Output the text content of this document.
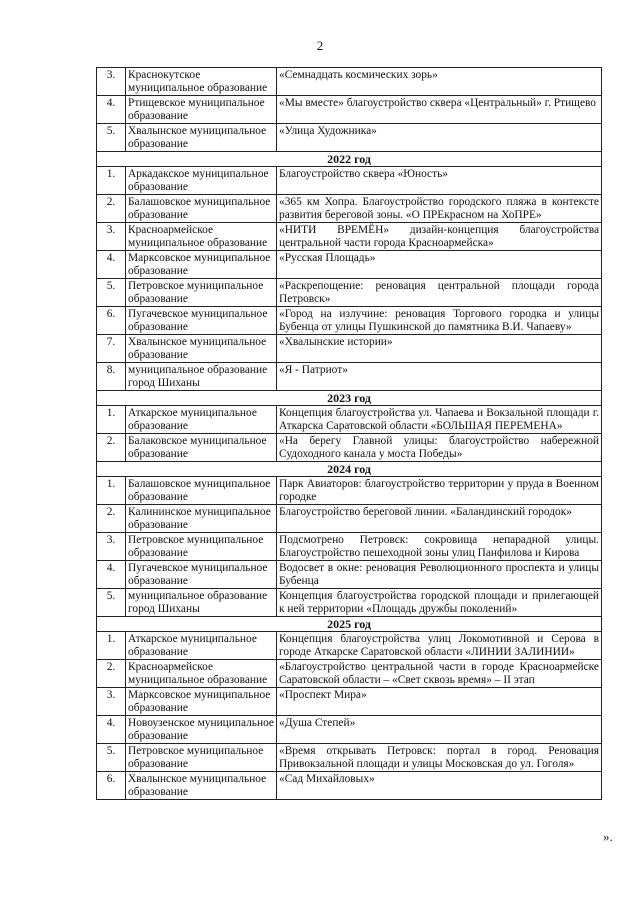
2
3.	Краснокутское муниципальное образование	«Семнадцать космических зорь»
4.	Ртищевское муниципальное образование	«Мы вместе» благоустройство сквера «Центральный» г. Ртищево
5.	Хвалынское муниципальное образование	«Улица Художника»
2022 год		
1.	Аркадакское муниципальное образование	Благоустройство сквера «Юность»
2.	Балашовское муниципальное образование	«365 км Хопра. Благоустройство городского пляжа в контексте развития береговой зоны. «О ПРЕкрасном на ХоПРЕ»
3.	Красноармейское муниципальное образование	«НИТИ ВРЕМЁН» дизайн-концепция благоустройства центральной части города Красноармейска»
4.	Марксовское муниципальное образование	«Русская Площадь»
5.	Петровское муниципальное образование	«Раскрепощение: реновация центральной площади города Петровск»
6.	Пугачевское муниципальное образование	«Город на излучине: реновация Торгового городка и улицы Бубенца от улицы Пушкинской до памятника В.И. Чапаеву»
7.	Хвалынское муниципальное образование	«Хвалынские истории»
8.	муниципальное образование город Шиханы	«Я - Патриот»
2023 год		
1.	Аткарское муниципальное образование	Концепция благоустройства ул. Чапаева и Вокзальной площади г. Аткарска Саратовской области «БОЛЬШАЯ ПЕРЕМЕНА»
2.	Балаковское муниципальное образование	«На берегу Главной улицы: благоустройство набережной Судоходного канала у моста Победы»
2024 год		
1.	Балашовское муниципальное образование	Парк Авиаторов: благоустройство территории у пруда в Военном городке
2.	Калининское муниципальное образование	Благоустройство береговой линии. «Баландинский городок»
3.	Петровское муниципальное образование	Подсмотрено Петровск: сокровища непарадной улицы. Благоустройство пешеходной зоны улиц Панфилова и Кирова
4.	Пугачевское муниципальное образование	Водосвет в окне: реновация Революционного проспекта и улицы Бубенца
5.	муниципальное образование город Шиханы	Концепция благоустройства городской площади и прилегающей к ней территории «Площадь дружбы поколений»
2025 год		
1.	Аткарское муниципальное образование	Концепция благоустройства улиц Локомотивной и Серова в городе Аткарске Саратовской области «ЛИНИИ ЗАЛИНИИ»
2.	Красноармейское муниципальное образование	«Благоустройство центральной части в городе Красноармейске Саратовской области – «Свет сквозь время» – II этап
3.	Марксовское муниципальное образование	«Проспект Мира»
4.	Новоузенское муниципальное образование	«Душа Степей»
5.	Петровское муниципальное образование	«Время открывать Петровск: портал в город. Реновация Привокзальной площади и улицы Московская до ул. Гоголя»
6.	Хвалынское муниципальное образование	«Сад Михайловых»
».
